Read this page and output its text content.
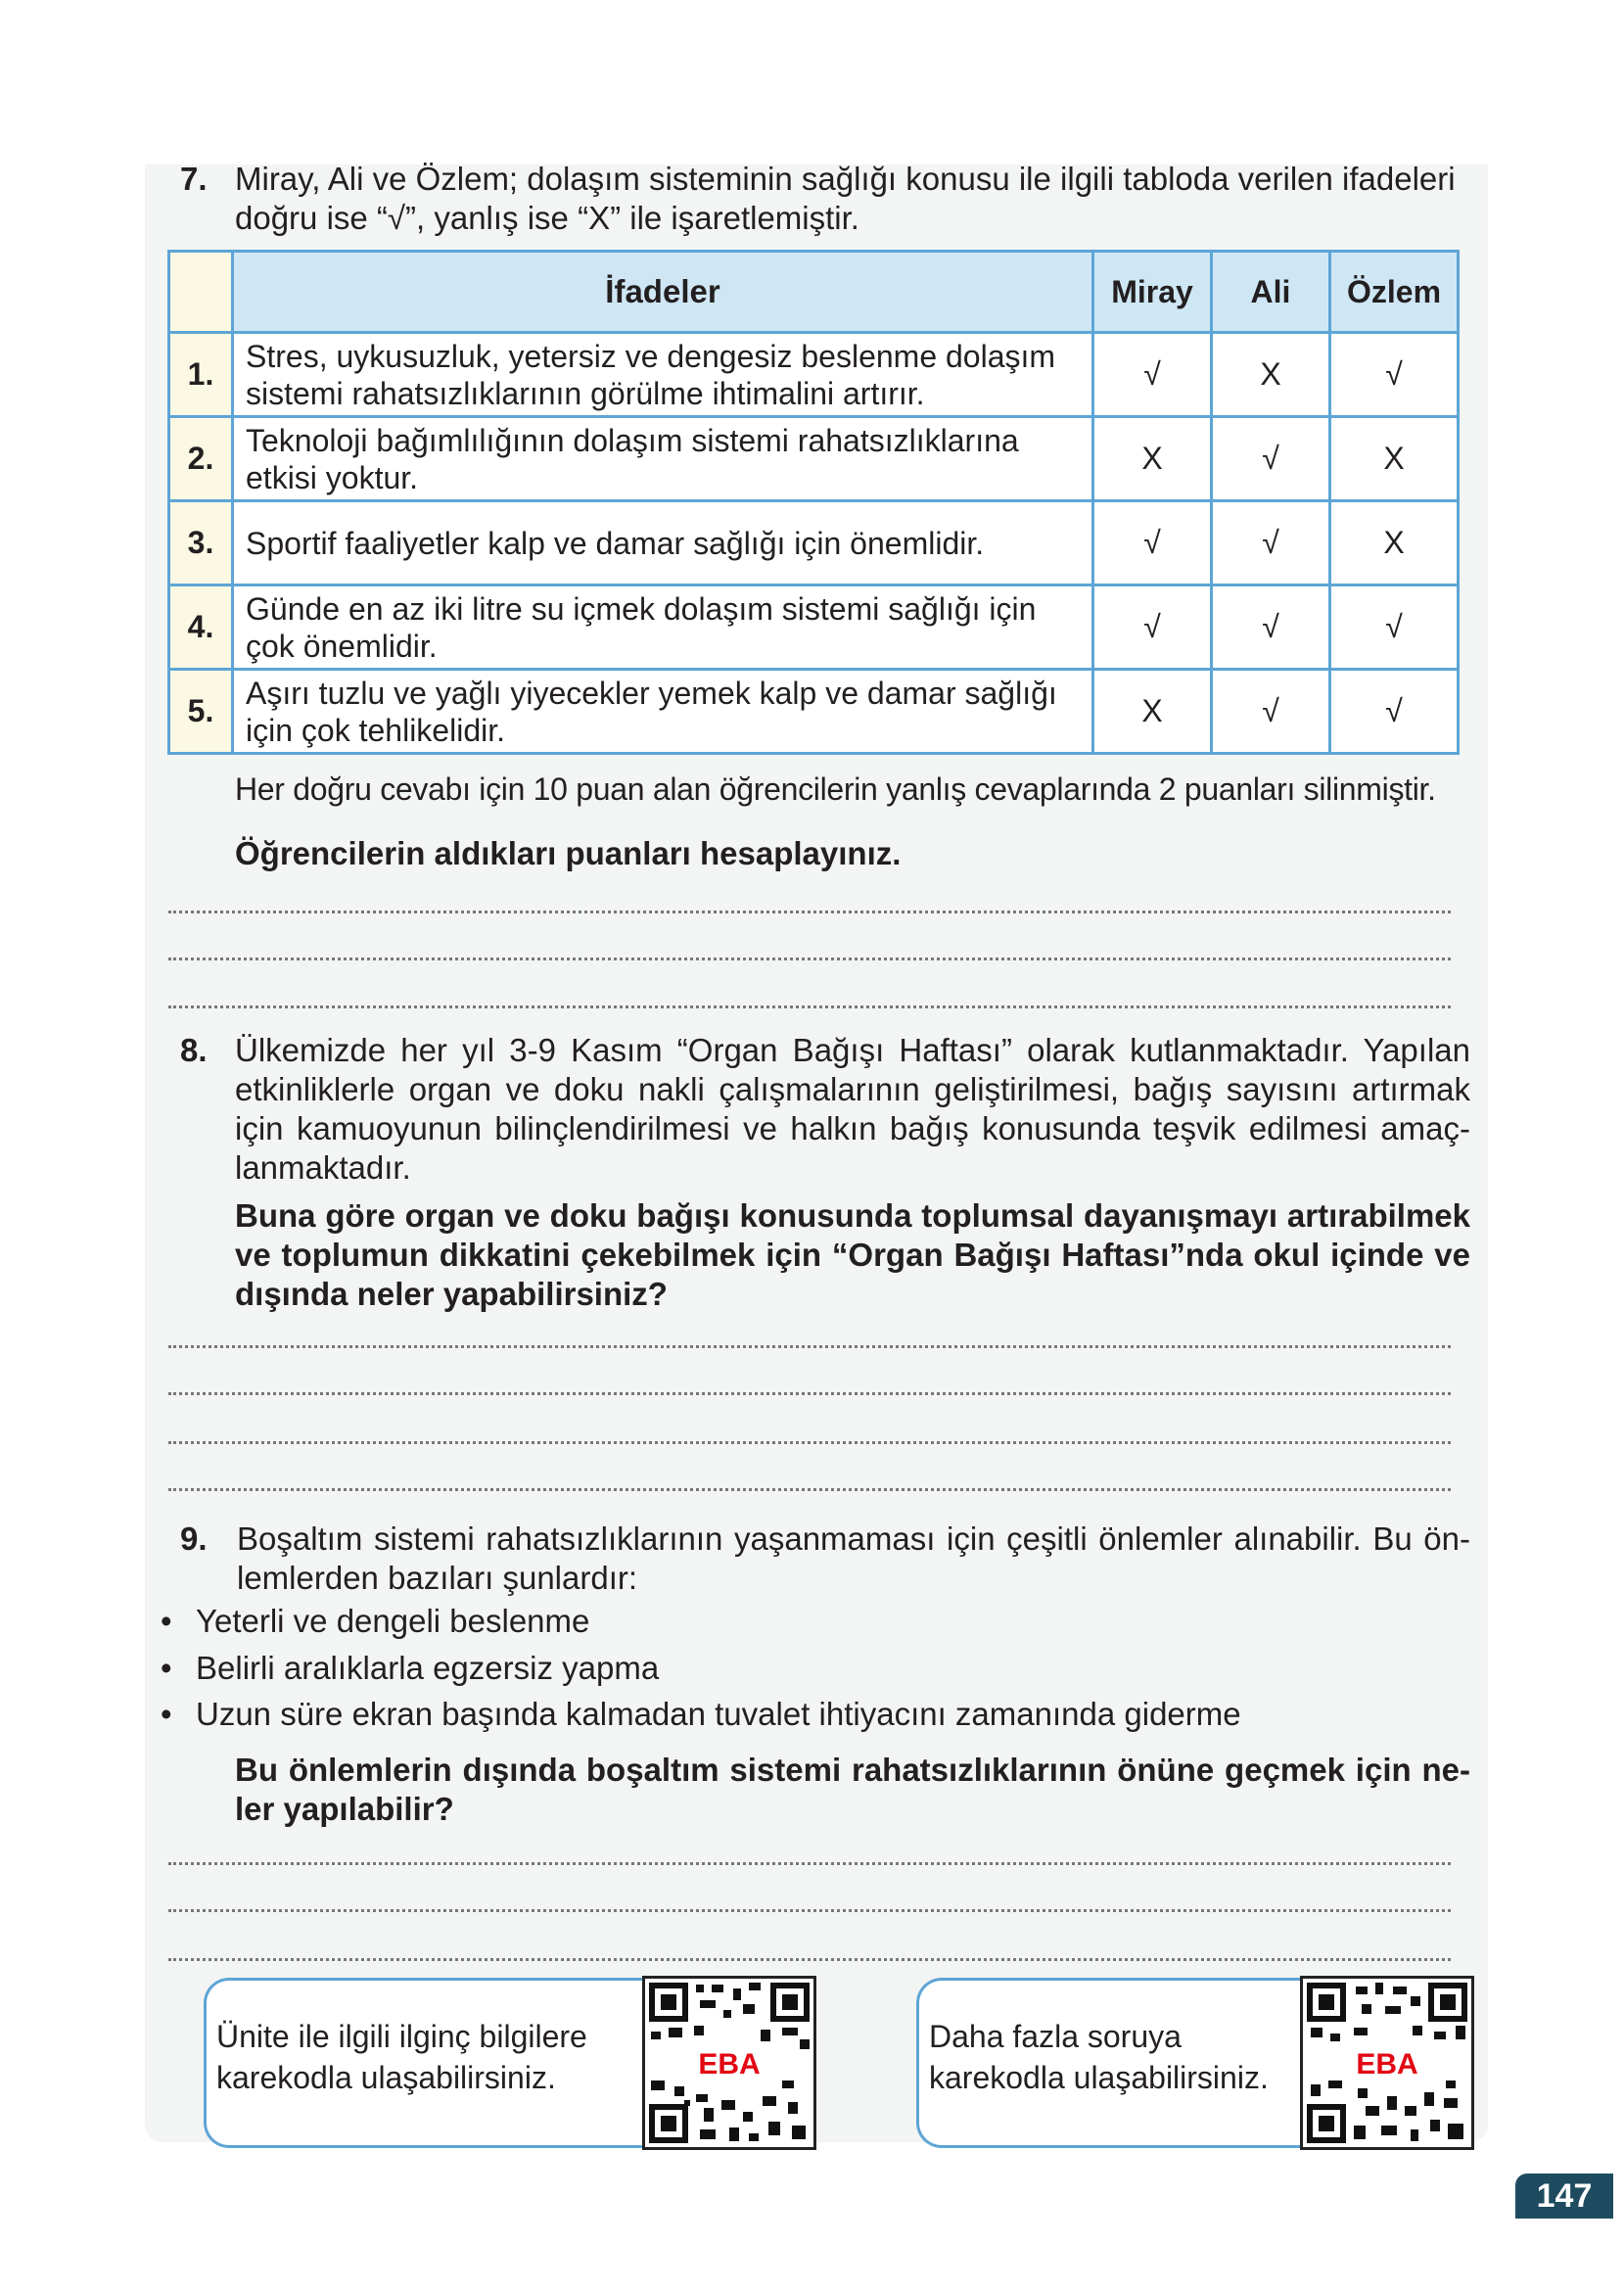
7. Miray, Ali ve Özlem; dolaşım sisteminin sağlığı konusu ile ilgili tabloda verilen ifadeleri
doğru ise “√”, yanlış ise “X” ile işaretlemiştir.
	İfadeler	Miray	Ali	Özlem
1.	Stres, uykusuzluk, yetersiz ve dengesiz beslenme dolaşım sistemi rahatsızlıklarının görülme ihtimalini artırır.	√	X	√
2.	Teknoloji bağımlılığının dolaşım sistemi rahatsızlıklarına etkisi yoktur.	X	√	X
3.	Sportif faaliyetler kalp ve damar sağlığı için önemlidir.	√	√	X
4.	Günde en az iki litre su içmek dolaşım sistemi sağlığı için çok önemlidir.	√	√	√
5.	Aşırı tuzlu ve yağlı yiyecekler yemek kalp ve damar sağlığı için çok tehlikelidir.	X	√	√
Her doğru cevabı için 10 puan alan öğrencilerin yanlış cevaplarında 2 puanları silinmiştir.
Öğrencilerin aldıkları puanları hesaplayınız.
8. Ülkemizde her yıl 3-9 Kasım “Organ Bağışı Haftası” olarak kutlanmaktadır. Yapılan etkinliklerle organ ve doku nakli çalışmalarının geliştirilmesi, bağış sayısını artırmak için kamuoyunun bilinçlendirilmesi ve halkın bağış konusunda teşvik edilmesi amaç-lanmaktadır.
Buna göre organ ve doku bağışı konusunda toplumsal dayanışmayı artırabilmek ve toplumun dikkatini çekebilmek için “Organ Bağışı Haftası”nda okul içinde ve dışında neler yapabilirsiniz?
9. Boşaltım sistemi rahatsızlıklarının yaşanmaması için çeşitli önlemler alınabilir. Bu ön-lemlerden bazıları şunlardır:
• Yeterli ve dengeli beslenme
• Belirli aralıklarla egzersiz yapma
• Uzun süre ekran başında kalmadan tuvalet ihtiyacını zamanında giderme
Bu önlemlerin dışında boşaltım sistemi rahatsızlıklarının önüne geçmek için ne-ler yapılabilir?
Ünite ile ilgili ilginç bilgilere
karekodla ulaşabilirsiniz.	EBA
Daha fazla soruya
karekodla ulaşabilirsiniz.	EBA
147
